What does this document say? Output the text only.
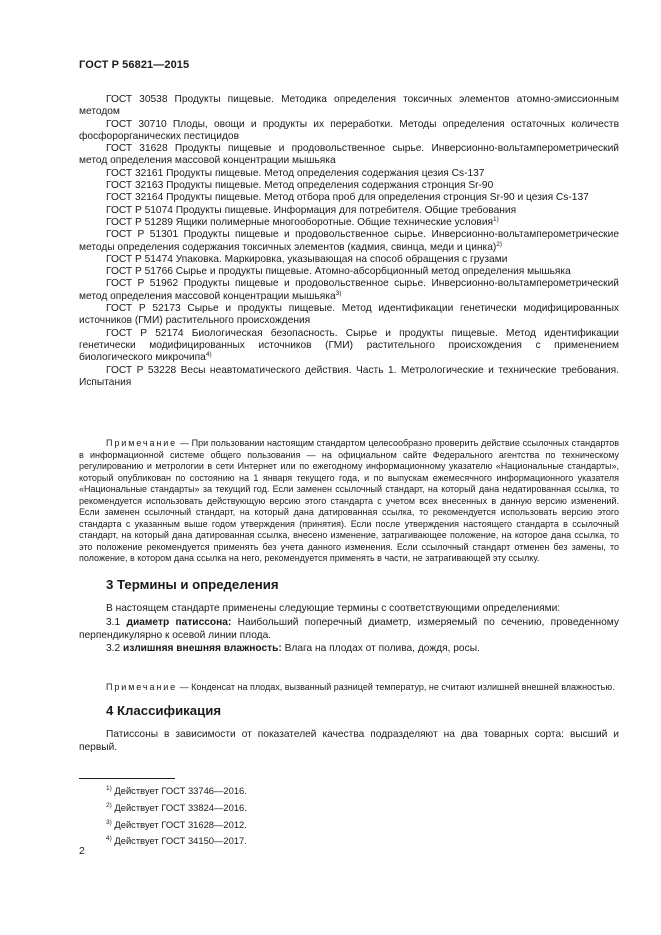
ГОСТ Р 56821—2015
ГОСТ 30538 Продукты пищевые. Методика определения токсичных элементов атомно-эмиссионным методом
ГОСТ 30710 Плоды, овощи и продукты их переработки. Методы определения остаточных количеств фосфорорганических пестицидов
ГОСТ 31628 Продукты пищевые и продовольственное сырье. Инверсионно-вольтамперометрический метод определения массовой концентрации мышьяка
ГОСТ 32161 Продукты пищевые. Метод определения содержания цезия Cs-137
ГОСТ 32163 Продукты пищевые. Метод определения содержания стронция Sr-90
ГОСТ 32164 Продукты пищевые. Метод отбора проб для определения стронция Sr-90 и цезия Cs-137
ГОСТ Р 51074 Продукты пищевые. Информация для потребителя. Общие требования
ГОСТ Р 51289 Ящики полимерные многооборотные. Общие технические условия$^{1)}$
ГОСТ Р 51301 Продукты пищевые и продовольственное сырье. Инверсионно-вольтамперометрические методы определения содержания токсичных элементов (кадмия, свинца, меди и цинка)$^{2)}$
ГОСТ Р 51474 Упаковка. Маркировка, указывающая на способ обращения с грузами
ГОСТ Р 51766 Сырье и продукты пищевые. Атомно-абсорбционный метод определения мышьяка
ГОСТ Р 51962 Продукты пищевые и продовольственное сырье. Инверсионно-вольтамперометрический метод определения массовой концентрации мышьяка$^{3)}$
ГОСТ Р 52173 Сырье и продукты пищевые. Метод идентификации генетически модифицированных источников (ГМИ) растительного происхождения
ГОСТ Р 52174 Биологическая безопасность. Сырье и продукты пищевые. Метод идентификации генетически модифицированных источников (ГМИ) растительного происхождения с применением биологического микрочипа$^{4)}$
ГОСТ Р 53228 Весы неавтоматического действия. Часть 1. Метрологические и технические требования. Испытания
Примечание — При пользовании настоящим стандартом целесообразно проверить действие ссылочных стандартов в информационной системе общего пользования — на официальном сайте Федерального агентства по техническому регулированию и метрологии в сети Интернет или по ежегодному информационному указателю «Национальные стандарты», который опубликован по состоянию на 1 января текущего года, и по выпускам ежемесячного информационного указателя «Национальные стандарты» за текущий год. Если заменен ссылочный стандарт, на который дана недатированная ссылка, то рекомендуется использовать действующую версию этого стандарта с учетом всех внесенных в данную версию изменений. Если заменен ссылочный стандарт, на который дана датированная ссылка, то рекомендуется использовать версию этого стандарта с указанным выше годом утверждения (принятия). Если после утверждения настоящего стандарта в ссылочный стандарт, на который дана датированная ссылка, внесено изменение, затрагивающее положение, на которое дана ссылка, то это положение рекомендуется применять без учета данного изменения. Если ссылочный стандарт отменен без замены, то положение, в котором дана ссылка на него, рекомендуется применять в части, не затрагивающей эту ссылку.
3 Термины и определения
В настоящем стандарте применены следующие термины с соответствующими определениями:
3.1 диаметр патиссона: Наибольший поперечный диаметр, измеряемый по сечению, проведенному перпендикулярно к осевой линии плода.
3.2 излишняя внешняя влажность: Влага на плодах от полива, дождя, росы.
Примечание — Конденсат на плодах, вызванный разницей температур, не считают излишней внешней влажностью.
4 Классификация
Патиссоны в зависимости от показателей качества подразделяют на два товарных сорта: высший и первый.
$^{1)}$ Действует ГОСТ 33746—2016.
$^{2)}$ Действует ГОСТ 33824—2016.
$^{3)}$ Действует ГОСТ 31628—2012.
$^{4)}$ Действует ГОСТ 34150—2017.
2
